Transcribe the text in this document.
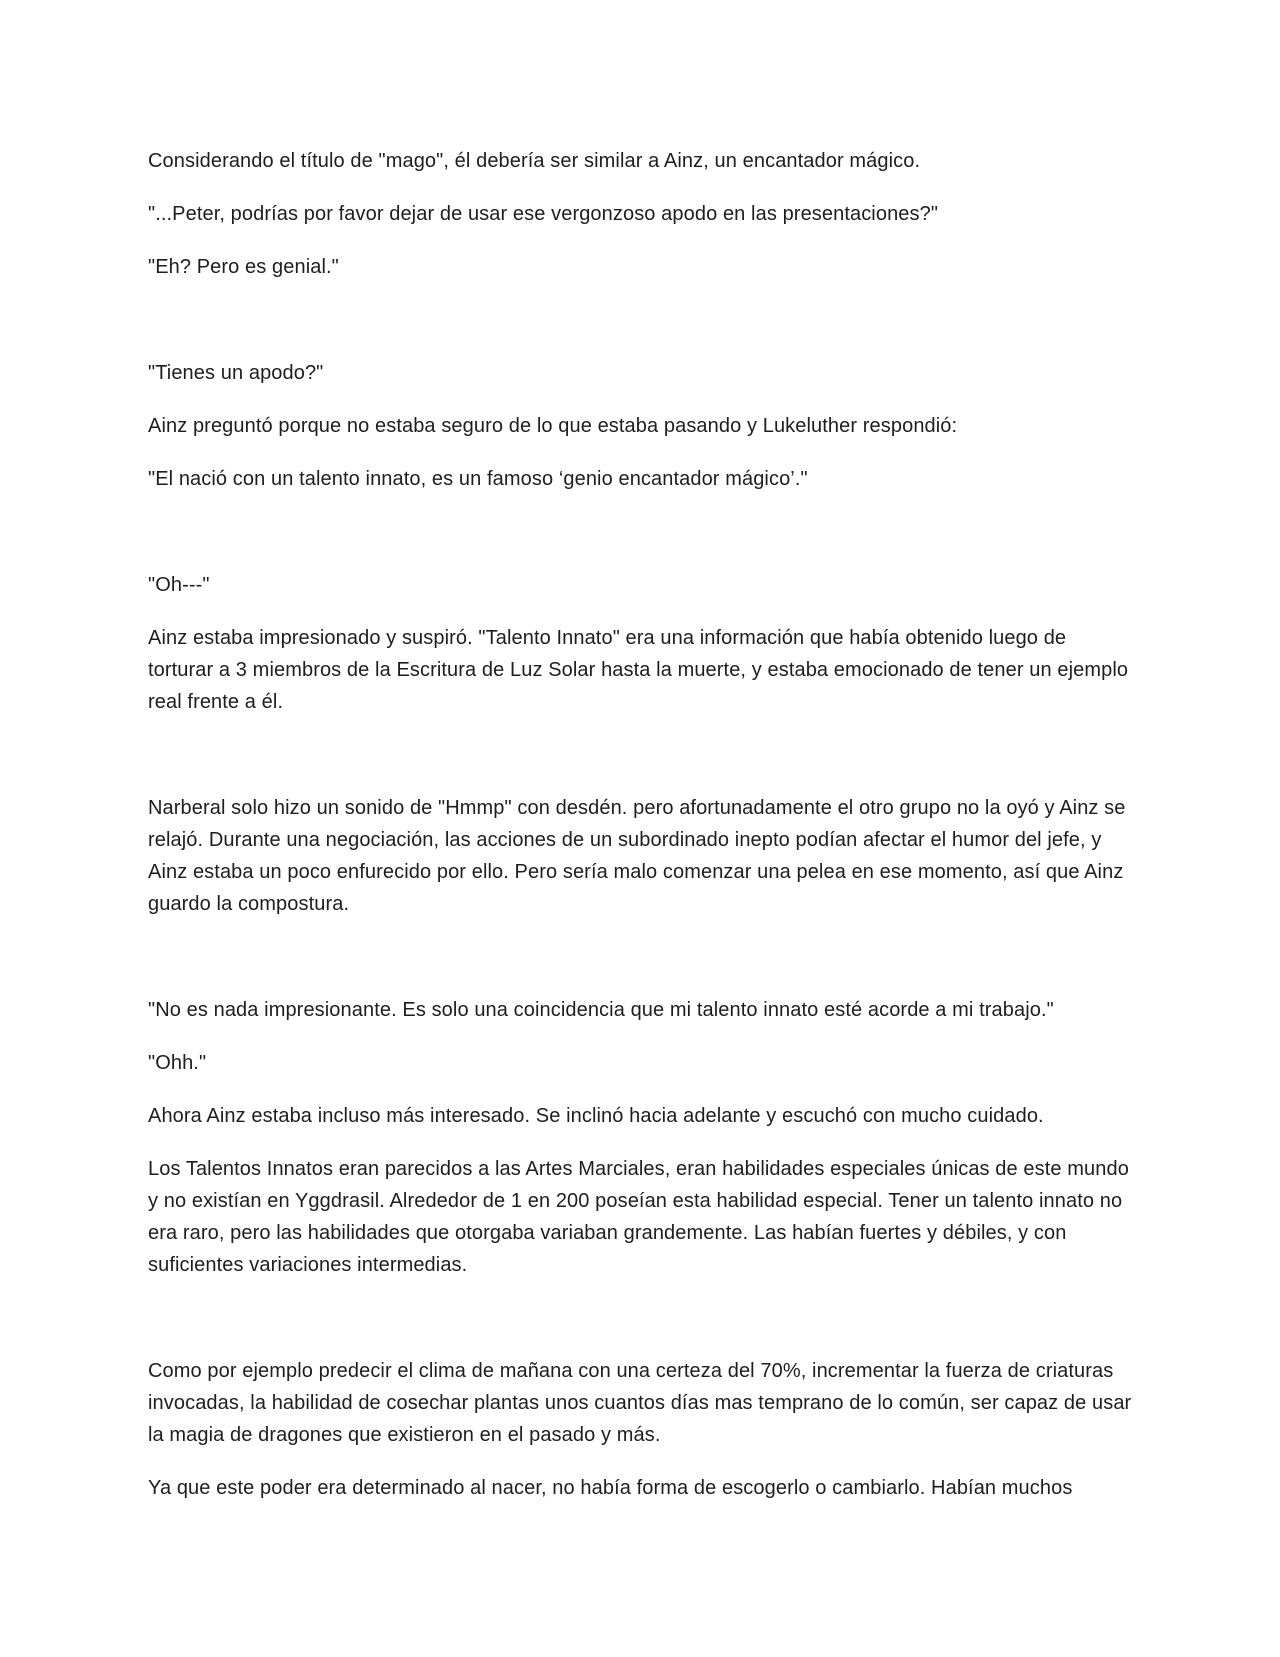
Considerando el título de "mago", él debería ser similar a Ainz, un encantador mágico.

"...Peter, podrías por favor dejar de usar ese vergonzoso apodo en las presentaciones?"

"Eh? Pero es genial."

"Tienes un apodo?"

Ainz preguntó porque no estaba seguro de lo que estaba pasando y Lukeluther respondió:

"El nació con un talento innato, es un famoso ‘genio encantador mágico’."

"Oh---"

Ainz estaba impresionado y suspiró. "Talento Innato" era una información que había obtenido luego de torturar a 3 miembros de la Escritura de Luz Solar hasta la muerte, y estaba emocionado de tener un ejemplo real frente a él.

Narberal solo hizo un sonido de "Hmmp" con desdén. pero afortunadamente el otro grupo no la oyó y Ainz se relajó. Durante una negociación, las acciones de un subordinado inepto podían afectar el humor del jefe, y Ainz estaba un poco enfurecido por ello. Pero sería malo comenzar una pelea en ese momento, así que Ainz guardo la compostura.

"No es nada impresionante. Es solo una coincidencia que mi talento innato esté acorde a mi trabajo."

"Ohh."

Ahora Ainz estaba incluso más interesado. Se inclinó hacia adelante y escuchó con mucho cuidado.

Los Talentos Innatos eran parecidos a las Artes Marciales, eran habilidades especiales únicas de este mundo y no existían en Yggdrasil. Alrededor de 1 en 200 poseían esta habilidad especial. Tener un talento innato no era raro, pero las habilidades que otorgaba variaban grandemente. Las habían fuertes y débiles, y con suficientes variaciones intermedias.

Como por ejemplo predecir el clima de mañana con una certeza del 70%, incrementar la fuerza de criaturas invocadas, la habilidad de cosechar plantas unos cuantos días mas temprano de lo común, ser capaz de usar la magia de dragones que existieron en el pasado y más.

Ya que este poder era determinado al nacer, no había forma de escogerlo o cambiarlo. Habían muchos
